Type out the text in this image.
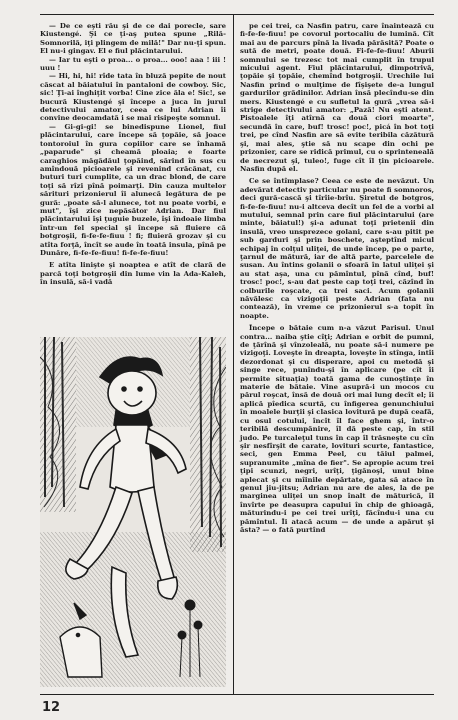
— De ce eşti rău şi de ce dai porecle, sare Kiustengé. Şi ce ţi-aş putea spune „Rilă-Somnorilă, iţi plingem de milă!" Dar nu-ţi spun. El nu-i gingav. El e fiul plăcintarului.

— Iar tu eşti o proa... o proa... ooo! aaa ! iii ! uuu !

— Hi, hi, hi! rîde tata în bluză pepite de nout căscat al băiatului în pantaloni de cowboy. Sic, sic! Ţi-ai înghiţit vorba! Cine zice ăla e! Sic!, se bucură Kiustengé şi începe a juca în jurul detectivului amator, ceea ce lui Adrian îi convine deocamdată i se mai risipeşte somnul.

— Gi-gi-gi! se binedispune Lionel, fiul plăcintarului, care începe să ţopăie, să joace tontoroiul în gura copiilor care se înhamă „paparude" și cheamă ploaia; e foarte caraghios măgădăul ţopăind, sărind în sus cu amîndouă picioarele şi revenind crăcănat, cu buturi turi cumplite, ca un drac blond, de care toţi să rîzi pînă poimarţi. Din cauza multelor sărituri prizonierul îi alunecă legătura de pe gură: „poate să-l alunece, tot nu poate vorbi, e mut", îşi zice nepăsător Adrian. Dar fiul plăcintarului îşi ţuguie buzele, îşi îndoaie limba într-un fel special şi începe să fluiere că botgroşii, fi-fe-fe-fiuu ! fi; fluieră grozav şi cu atîta forţă, încît se aude în toată insula, pînă pe Dunăre, fi-fe-fe-fiuu! fi-fe-fe-fiuu!

E atîta linişte şi noaptea e atît de clară de parcă toţi botgroşii din lume vin la Ada-Kaleh, în insulă, să-i vadă

pe cei trei, ca Nasfin patru, care înaintează cu fi-fe-fe-fiuu! pe covorul portocaliu de lumină. Cît mai au de parcurs pînă la livada părăsită? Poate o sută de metri, poate două. Fi-fe-fe-fiuu! Aburii somnului se trezesc tot mai cumplit în trupul micului agent. Fiul plăcintarului, dimpotrivă, ţopăie şi ţopăie, chemînd botgroşii. Urechile lui Nasfin prind o mulţime de fîşişete de-a lungul gardurilor grădinilor. Adrian însă plecîndu-se din mers. Kiustengé e cu sufletul la gură „vrea să-i strige detectivului amator: „Pază! Nu eşti atent. Pistoalele îţi atîrnă ca două ciori moarte", secundă în care, buf! trosc! poc!, picá în bot toţi trei, pe cînd Nasfin are să evite teribila căzătură şi, mai ales, ştie să nu scape din ochi pe prizonier, care se ridică primul, cu o sprinteneală de necrezut şi, tuleo!, fuge cît îl ţin picioarele. Nasfin după el.

Ce se întîmplase? Ceea ce este de nevăzut. Un adevărat detectiv particular nu poate fi somnoros, deci gură-cască şi tîrîie-brîu. Şiretul de botgros, fi-fe-fe-fiuu! nu-i altceva decît un fel de a vorbi al mutului, semnal prin care fiul plăcintarului (are minte, băiatul!) şi-a adunat toţi prietenii din insulă, vreo unsprezece golani, care s-au pitit pe sub garduri şi prin boschete, aşteptînd micul echipaj în colţul uliţei, de unde încep, pe o parte, ţarnul de mătură, iar de altă parte, parcelele de susan. Au întins golanii o sfoară în latul uliţei şi au stat aşa, una cu pămîntul, pînă cînd, buf! trosc! poc!, s-au dat peste cap toţi trei, căzînd în colburile roşcate, ca trei saci. Acum golanii năvălesc ca vizigoţii peste Adrian (fata nu contează), în vreme ce prizonierul s-a topit în noapte.

Începe o bătaie cum n-a văzut Parisul. Unul contra... naiba ştie cîţi; Adrian e orbit de pumni, de ţărînă şi vînzoleală, nu poate să-i numere pe vizigoţi. Loveşte în dreapta, loveşte în stînga, intîi dezordonat şi cu disperare, apoi cu metodă şi singe rece, punîndu-şi în aplicare (pe cît îi permite situaţia) toată gama de cunoştinţe în materie de bătaie. Vine asupră-i un mocos cu părul roşcat, însă de două ori mai lung decît el; îi aplică pîedica scurtă, cu înfigerea genunchiului în moalele burţii şi clasica lovitură pe după ceafă, cu osul cotului, încît îl face ghem şi, într-o teribilă descumpănire, îl dă peste cap, în stil judo. Pe turcaleţul tuns în cap îl trăsneşte cu cîn şir nesfîrşit de carate, lovituri scurte, fantastice, seci, gen Emma Peel, cu tăiul palmei, supranumite „mîna de fier". Se apropie acum trei ţipi scunzi, negri, urîţi, ţigănoşi, unul bine aplecat şi cu mîinile depărtate, gata să atace în genul jiu-jitsu; Adrian nu are de ales, la de pe marginea uliţei un snop înalt de măturică, îl învîrte pe deasupra capului în chip de ghioagă, măturindu-i pe cei trei urîţi, făcîndu-i una cu pămîntul. Îi atacă acum — de unde a apărut şi ăsta? — o fată purtînd

12
